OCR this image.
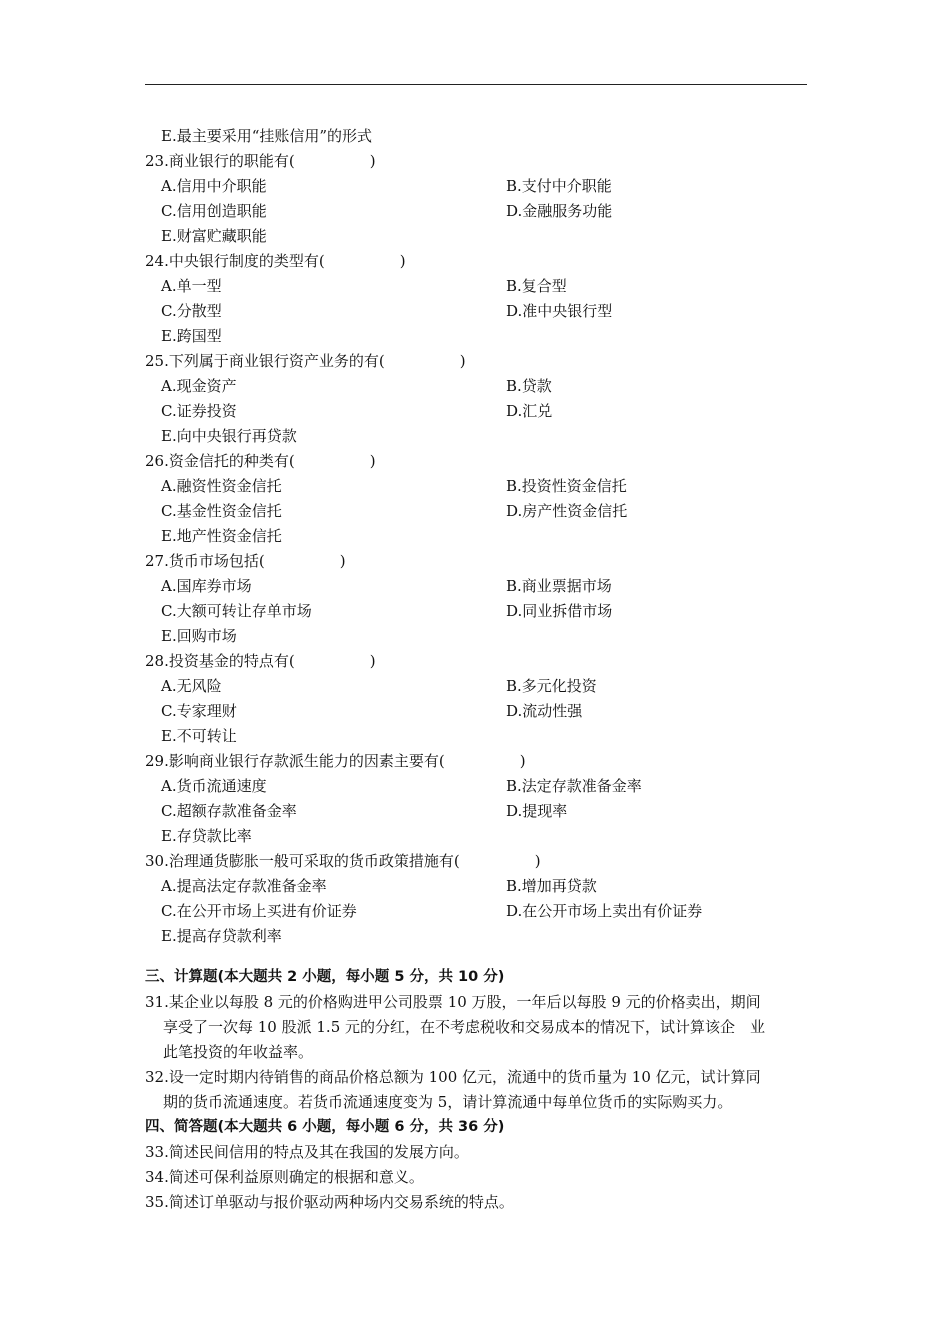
E.最主要采用“挂账信用”的形式
23.商业银行的职能有(　　　　　)
A.信用中介职能	B.支付中介职能
C.信用创造职能	D.金融服务功能
E.财富贮藏职能
24.中央银行制度的类型有(　　　　　)
A.单一型	B.复合型
C.分散型	D.准中央银行型
E.跨国型
25.下列属于商业银行资产业务的有(　　　　　)
A.现金资产	B.贷款
C.证券投资	D.汇兑
E.向中央银行再贷款
26.资金信托的种类有(　　　　　)
A.融资性资金信托	B.投资性资金信托
C.基金性资金信托	D.房产性资金信托
E.地产性资金信托
27.货币市场包括(　　　　　)
A.国库券市场	B.商业票据市场
C.大额可转让存单市场	D.同业拆借市场
E.回购市场
28.投资基金的特点有(　　　　　)
A.无风险	B.多元化投资
C.专家理财	D.流动性强
E.不可转让
29.影响商业银行存款派生能力的因素主要有(　　　　　)
A.货币流通速度	B.法定存款准备金率
C.超额存款准备金率	D.提现率
E.存贷款比率
30.治理通货膨胀一般可采取的货币政策措施有(　　　　　)
A.提高法定存款准备金率	B.增加再贷款
C.在公开市场上买进有价证券	D.在公开市场上卖出有价证券
E.提高存贷款利率
三、计算题(本大题共 2 小题，每小题 5 分，共 10 分)
31.某企业以每股 8 元的价格购进甲公司股票 10 万股，一年后以每股 9 元的价格卖出，期间
享受了一次每 10 股派 1.5 元的分红，在不考虑税收和交易成本的情况下，试计算该企　业
此笔投资的年收益率。
32.设一定时期内待销售的商品价格总额为 100 亿元，流通中的货币量为 10 亿元，试计算同
期的货币流通速度。若货币流通速度变为 5，请计算流通中每单位货币的实际购买力。
四、简答题(本大题共 6 小题，每小题 6 分，共 36 分)
33.简述民间信用的特点及其在我国的发展方向。
34.简述可保利益原则确定的根据和意义。
35.简述订单驱动与报价驱动两种场内交易系统的特点。
